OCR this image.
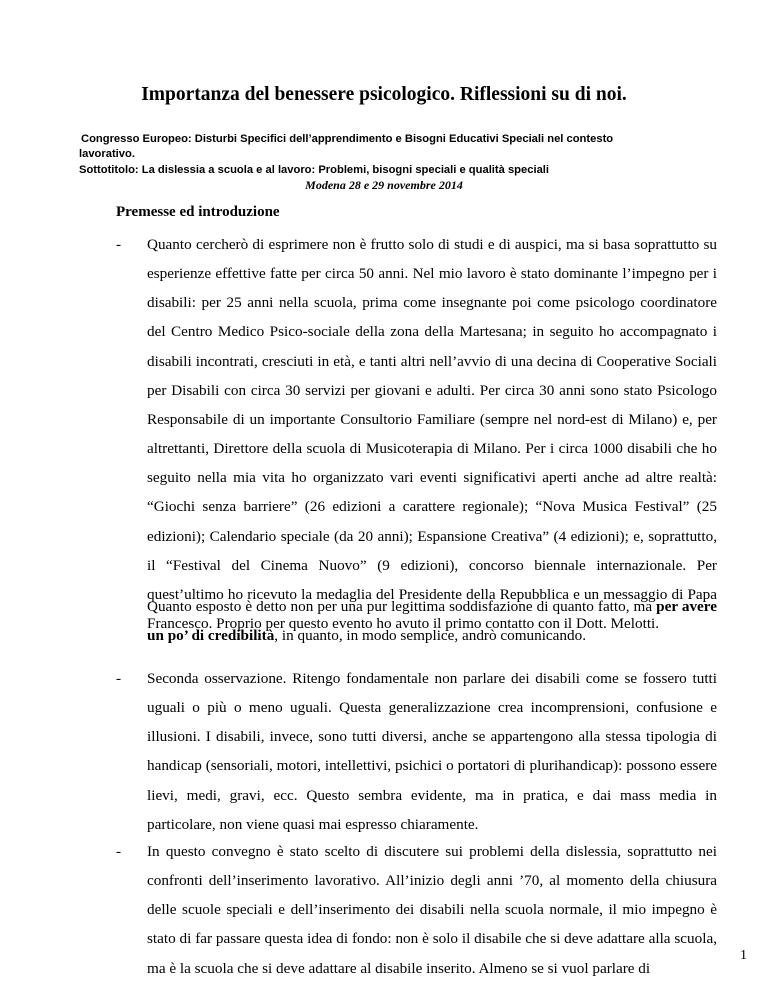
Importanza del benessere psicologico. Riflessioni su di noi.
Congresso Europeo: Disturbi Specifici dell’apprendimento e Bisogni Educativi Speciali nel contesto
lavorativo.
Sottotitolo: La dislessia a scuola e al lavoro: Problemi, bisogni speciali e qualità speciali
Modena 28 e 29 novembre 2014
Premesse ed introduzione
- Quanto cercherò di esprimere non è frutto solo di studi e di auspici, ma si basa soprattutto su esperienze effettive fatte per circa 50 anni. Nel mio lavoro è stato dominante l’impegno per i disabili: per 25 anni nella scuola, prima come insegnante poi come psicologo coordinatore del Centro Medico Psico-sociale della zona della Martesana; in seguito ho accompagnato i disabili incontrati, cresciuti in età, e tanti altri nell’avvio di una decina di Cooperative Sociali per Disabili con circa 30 servizi per giovani e adulti. Per circa 30 anni sono stato Psicologo Responsabile di un importante Consultorio Familiare (sempre nel nord-est di Milano) e, per altrettanti, Direttore della scuola di Musicoterapia di Milano. Per i circa 1000 disabili che ho seguito nella mia vita ho organizzato vari eventi significativi aperti anche ad altre realtà: “Giochi senza barriere” (26 edizioni a carattere regionale); “Nova Musica Festival” (25 edizioni); Calendario speciale (da 20 anni); Espansione Creativa” (4 edizioni); e, soprattutto, il “Festival del Cinema Nuovo” (9 edizioni), concorso biennale internazionale. Per quest’ultimo ho ricevuto la medaglia del Presidente della Repubblica e un messaggio di Papa Francesco. Proprio per questo evento ho avuto il primo contatto con il Dott. Melotti.
Quanto esposto è detto non per una pur legittima soddisfazione di quanto fatto, ma per avere un po’ di credibilità, in quanto, in modo semplice, andrò comunicando.
- Seconda osservazione. Ritengo fondamentale non parlare dei disabili come se fossero tutti uguali o più o meno uguali. Questa generalizzazione crea incomprensioni, confusione e illusioni. I disabili, invece, sono tutti diversi, anche se appartengono alla stessa tipologia di handicap (sensoriali, motori, intellettivi, psichici o portatori di plurihandicap): possono essere lievi, medi, gravi, ecc. Questo sembra evidente, ma in pratica, e dai mass media in particolare, non viene quasi mai espresso chiaramente.
- In questo convegno è stato scelto di discutere sui problemi della dislessia, soprattutto nei confronti dell’inserimento lavorativo. All’inizio degli anni ’70, al momento della chiusura delle scuole speciali e dell’inserimento dei disabili nella scuola normale, il mio impegno è stato di far passare questa idea di fondo: non è solo il disabile che si deve adattare alla scuola, ma è la scuola che si deve adattare al disabile inserito. Almeno se si vuol parlare di
1
